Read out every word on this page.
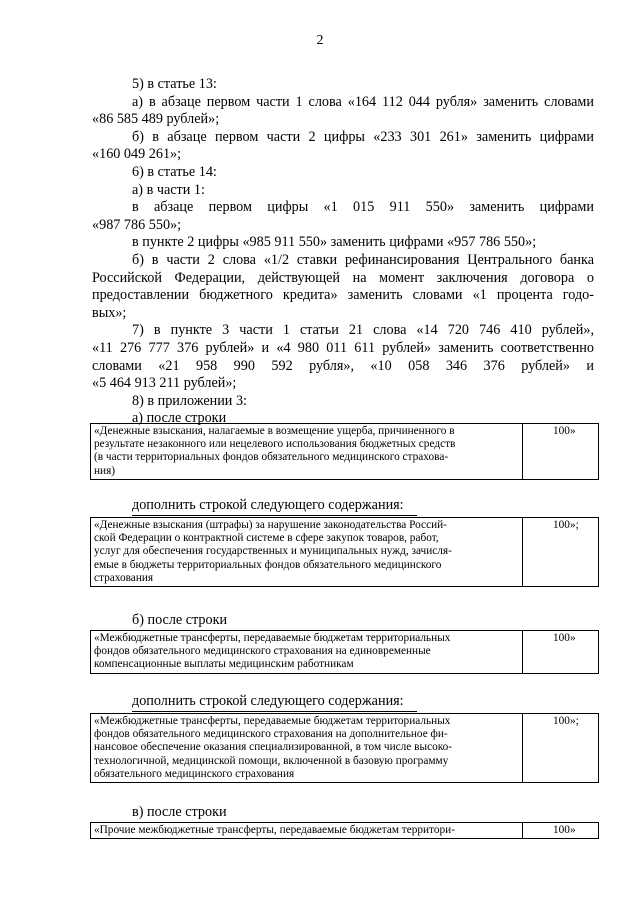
2

5) в статье 13:

а) в абзаце первом части 1 слова «164 112 044 рубля» заменить словами

«86 585 489 рублей»;

б) в абзаце первом части 2 цифры «233 301 261» заменить цифрами

«160 049 261»;

6) в статье 14:

а) в части 1:

в абзаце первом цифры «1 015 911 550» заменить цифрами

«987 786 550»;

в пункте 2 цифры «985 911 550» заменить цифрами «957 786 550»;

б) в части 2 слова «1/2 ставки рефинансирования Центрального банка

Российской Федерации, действующей на момент заключения договора о

предоставлении бюджетного кредита» заменить словами «1 процента годо-

вых»;

7) в пункте 3 части 1 статьи 21 слова «14 720 746 410 рублей»,

«11 276 777 376 рублей» и «4 980 011 611 рублей» заменить соответственно

словами «21 958 990 592 рубля», «10 058 346 376 рублей» и

«5 464 913 211 рублей»;

8) в приложении 3:

а) после строки

«Денежные взыскания, налагаемые в возмещение ущерба, причиненного в
результате незаконного или нецелевого использования бюджетных средств
(в части территориальных фондов обязательного медицинского страхова-
ния)
100»
дополнить строкой следующего содержания:
«Денежные взыскания (штрафы) за нарушение законодательства Россий-
ской Федерации о контрактной системе в сфере закупок товаров, работ,
услуг для обеспечения государственных и муниципальных нужд, зачисля-
емые в бюджеты территориальных фондов обязательного медицинского
страхования
100»;
б) после строки
«Межбюджетные трансферты, передаваемые бюджетам территориальных
фондов обязательного медицинского страхования на единовременные
компенсационные выплаты медицинским работникам
100»
дополнить строкой следующего содержания:
«Межбюджетные трансферты, передаваемые бюджетам территориальных
фондов обязательного медицинского страхования на дополнительное фи-
нансовое обеспечение оказания специализированной, в том числе высоко-
технологичной, медицинской помощи, включенной в базовую программу
обязательного медицинского страхования
100»;
в) после строки
«Прочие межбюджетные трансферты, передаваемые бюджетам территори-	100»
